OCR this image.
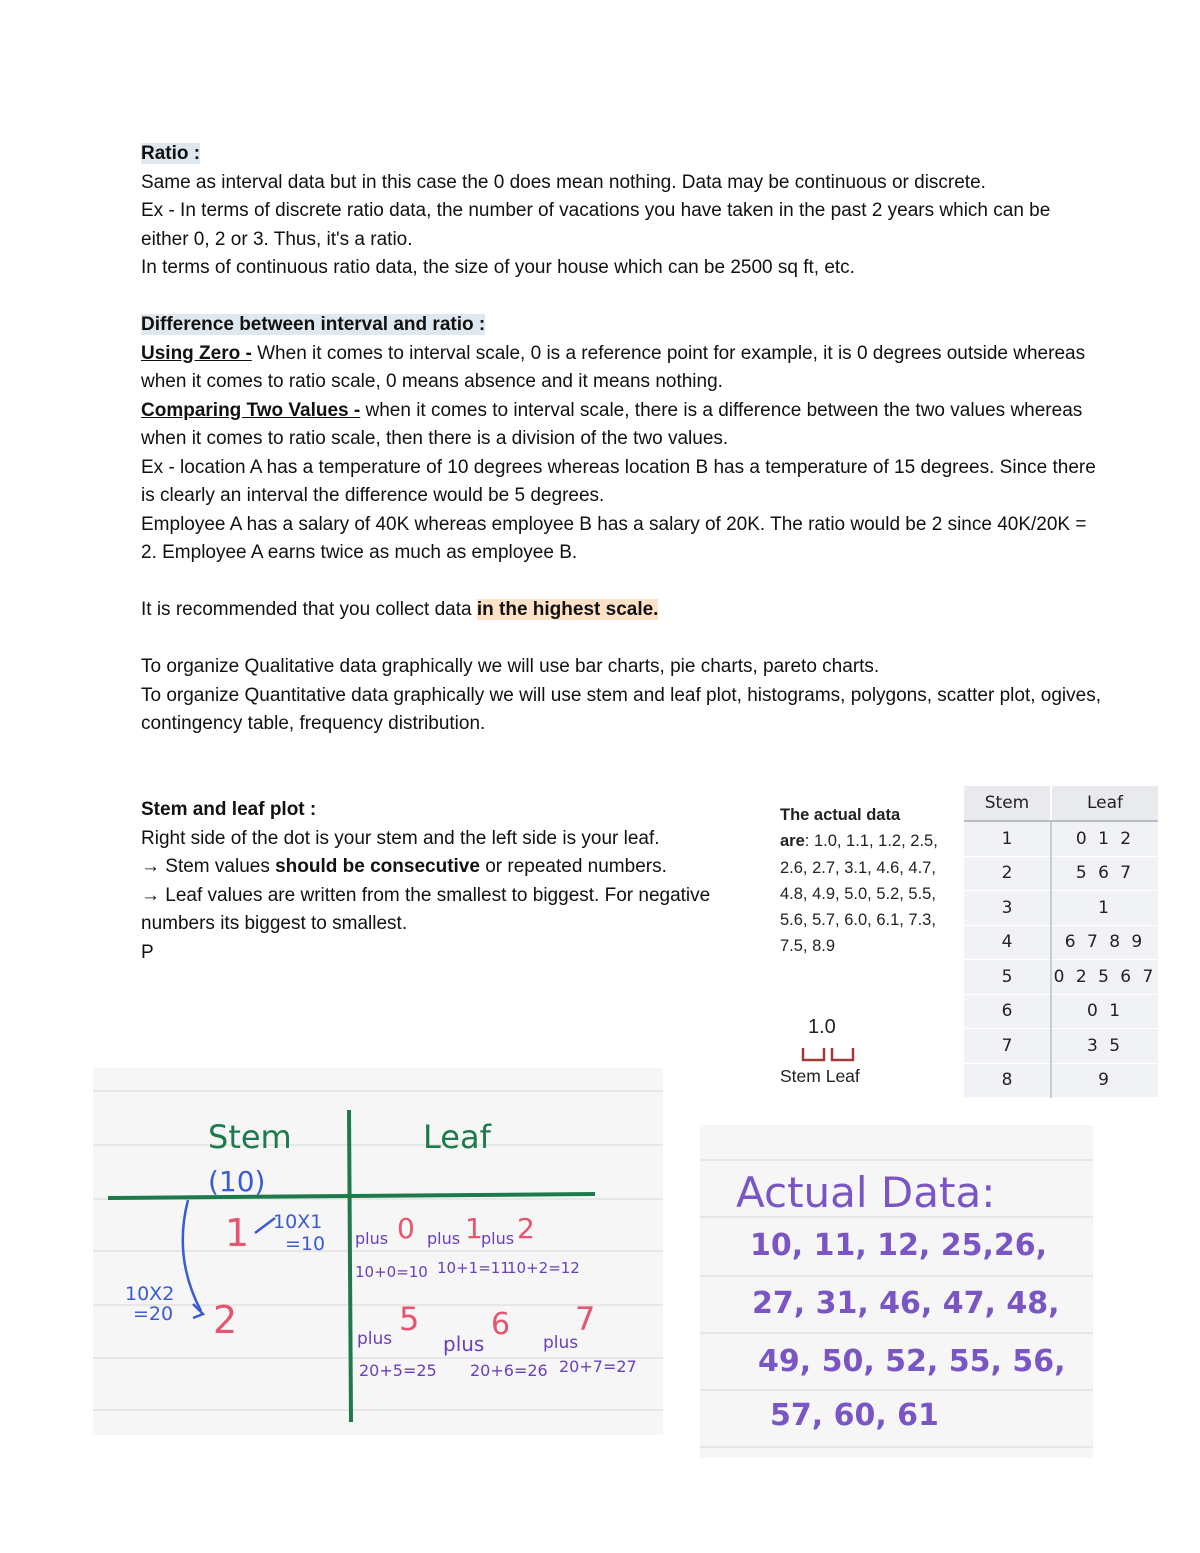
Ratio :

Same as interval data but in this case the 0 does mean nothing. Data may be continuous or discrete.

Ex - In terms of discrete ratio data, the number of vacations you have taken in the past 2 years which can be either 0, 2 or 3. Thus, it's a ratio.

In terms of continuous ratio data, the size of your house which can be 2500 sq ft, etc.

Difference between interval and ratio :

Using Zero - When it comes to interval scale, 0 is a reference point for example, it is 0 degrees outside whereas when it comes to ratio scale, 0 means absence and it means nothing.

Comparing Two Values - when it comes to interval scale, there is a difference between the two values whereas when it comes to ratio scale, then there is a division of the two values.

Ex - location A has a temperature of 10 degrees whereas location B has a temperature of 15 degrees. Since there is clearly an interval the difference would be 5 degrees.

Employee A has a salary of 40K whereas employee B has a salary of 20K. The ratio would be 2 since 40K/20K = 2. Employee A earns twice as much as employee B.

It is recommended that you collect data in the highest scale.

To organize Qualitative data graphically we will use bar charts, pie charts, pareto charts.

To organize Quantitative data graphically we will use stem and leaf plot, histograms, polygons, scatter plot, ogives, contingency table, frequency distribution.

Stem and leaf plot :

Right side of the dot is your stem and the left side is your leaf.

→ Stem values should be consecutive or repeated numbers.

→ Leaf values are written from the smallest to biggest. For negative numbers its biggest to smallest.

P

The actual data
are: 1.0, 1.1, 1.2, 2.5, 2.6, 2.7, 3.1, 4.6, 4.7, 4.8, 4.9, 5.0, 5.2, 5.5, 5.6, 5.7, 6.0, 6.1, 7.3, 7.5, 8.9
1.0
Stem Leaf
Stem	Leaf
1	0 1 2
2	5 6 7
3	1
4	6 7 8 9
5	0 2 5 6 7
6	0 1
7	3 5
8	9
Stem	Leaf
(10)
1
2
10X1
=10
10X2
=20
plus 0 plus 1
plus 2
10+0=10 10+1=11
10+2=12
plus
5
plus
6
plus
7
20+5=25 20+6=26 20+7=27
Actual Data:
10, 11, 12, 25,26,
27, 31, 46, 47, 48,
49, 50, 52, 55, 56,
57, 60, 61
